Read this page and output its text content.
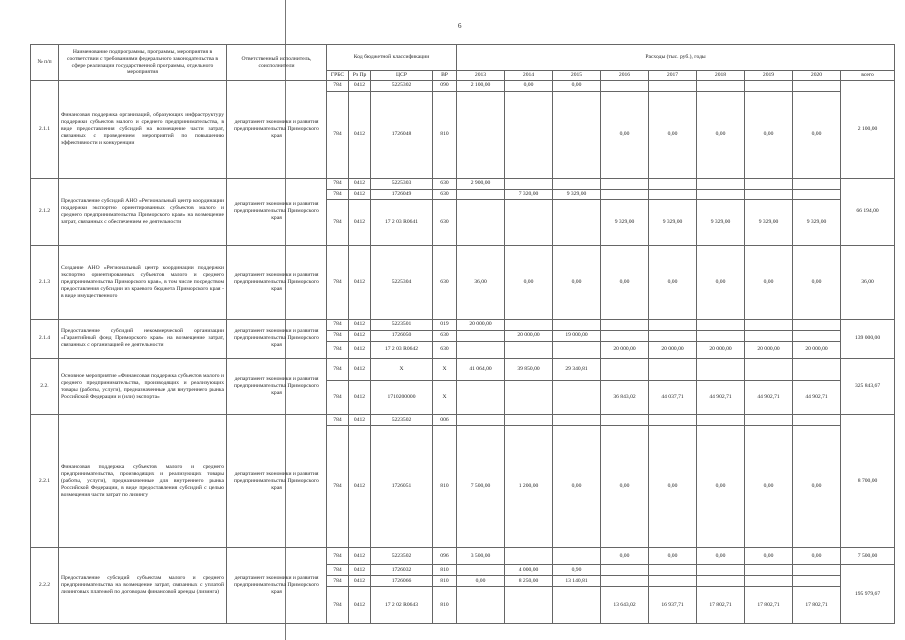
6
№ п/п	Наименование подпрограммы, программы, мероприятия в соответствии с требованиями федерального законодательства в сфере реализации государственной программы, отдельного мероприятия	Ответственный исполнитель, соисполнители	Код бюджетной классификации				Расходы (тыс. руб.), годы								
			ГРБС	Рз Пр	ЦСР	ВР	2013	2014	2015	2016	2017	2018	2019	2020	всего
2.1.1	Финансовая поддержка организаций, образующих инфраструктуру поддержки субъектов малого и среднего предпринимательства, в виде предоставления субсидий на возмещение части затрат, связанных с проведением мероприятий по повышению эффективности и конкуренции	департамент экономики и развития предпринимательства Приморского края	784	0412	5225302	090	2 100,00	0,00	0,00						2 100,00
			784	0412	1726048	810				0,00	0,00	0,00	0,00	0,00	
2.1.2	Предоставление субсидий АНО «Региональный центр координации поддержки экспортно ориентированных субъектов малого и среднего предпринимательства Приморского края» на возмещение затрат, связанных с обеспечением ее деятельности	департамент экономики и развития предпринимательства Приморского края	784	0412	5225303	630	2 900,00								66 194,00
			784	0412	1726049	630		7 320,00	9 329,00						
			784	0412	17 2 03 R0641	630				9 329,00	9 329,00	9 329,00	9 329,00	9 329,00	
2.1.3	Создание АНО «Региональный центр координации поддержки экспортно ориентированных субъектов малого и среднего предпринимательства Приморского края», в том числе посредством предоставления субсидии из краевого бюджета Приморского края - в виде имущественного	департамент экономики и развития предпринимательства Приморского края	784	0412	5225304	630	36,00	0,00	0,00	0,00	0,00	0,00	0,00	0,00	36,00
2.1.4	Предоставление субсидий некоммерческой организации «Гарантийный фонд Приморского края» на возмещение затрат, связанных с организацией ее деятельности	департамент экономики и развития предпринимательства Приморского края	784	0412	5223501	019	20 000,00								139 000,00
			784	0412	1726050	630		20 000,00	19 000,00						
			784	0412	17 2 03 R0642	630				20 000,00	20 000,00	20 000,00	20 000,00	20 000,00	
2.2.	Основное мероприятие «Финансовая поддержка субъектов малого и среднего предпринимательства, производящих и реализующих товары (работы, услуги), предназначенные для внутреннего рынка Российской Федерации и (или) экспорта»	департамент экономики и развития предпринимательства Приморского края	784	0412	X	X	41 064,00	39 850,00	29 340,81						325 843,67
			784	0412	1710200000	X				36 843,02	44 037,71	44 902,71	44 902,71	44 902,71	
2.2.1	Финансовая поддержка субъектов малого и среднего предпринимательства, производящих и реализующих товары (работы, услуги), предназначенные для внутреннего рынка Российской Федерации, в виде предоставления субсидий с целью возмещения части затрат по лизингу	департамент экономики и развития предпринимательства Приморского края	784	0412	5223502	006									8 700,00
			784	0412	1726051	810	7 500,00	1 200,00	0,00	0,00	0,00	0,00	0,00	0,00	
2.2.2	Предоставление субсидий субъектам малого и среднего предпринимательства на возмещение затрат, связанных с уплатой лизинговых платежей по договорам финансовой аренды (лизинга)	департамент экономики и развития предпринимательства Приморского края	784	0412	5223502	096	3 500,00			0,00	0,00	0,00	0,00	0,00	7 500,00
			784	0412	1726032	810		4 000,00	0,90						195 979,67
			784	0412	1726066	810	0,00	8 250,00	13 140,81						
			784	0412	17 2 02 R0643	810				13 643,02	16 937,71	17 802,71	17 802,71	17 802,71	
